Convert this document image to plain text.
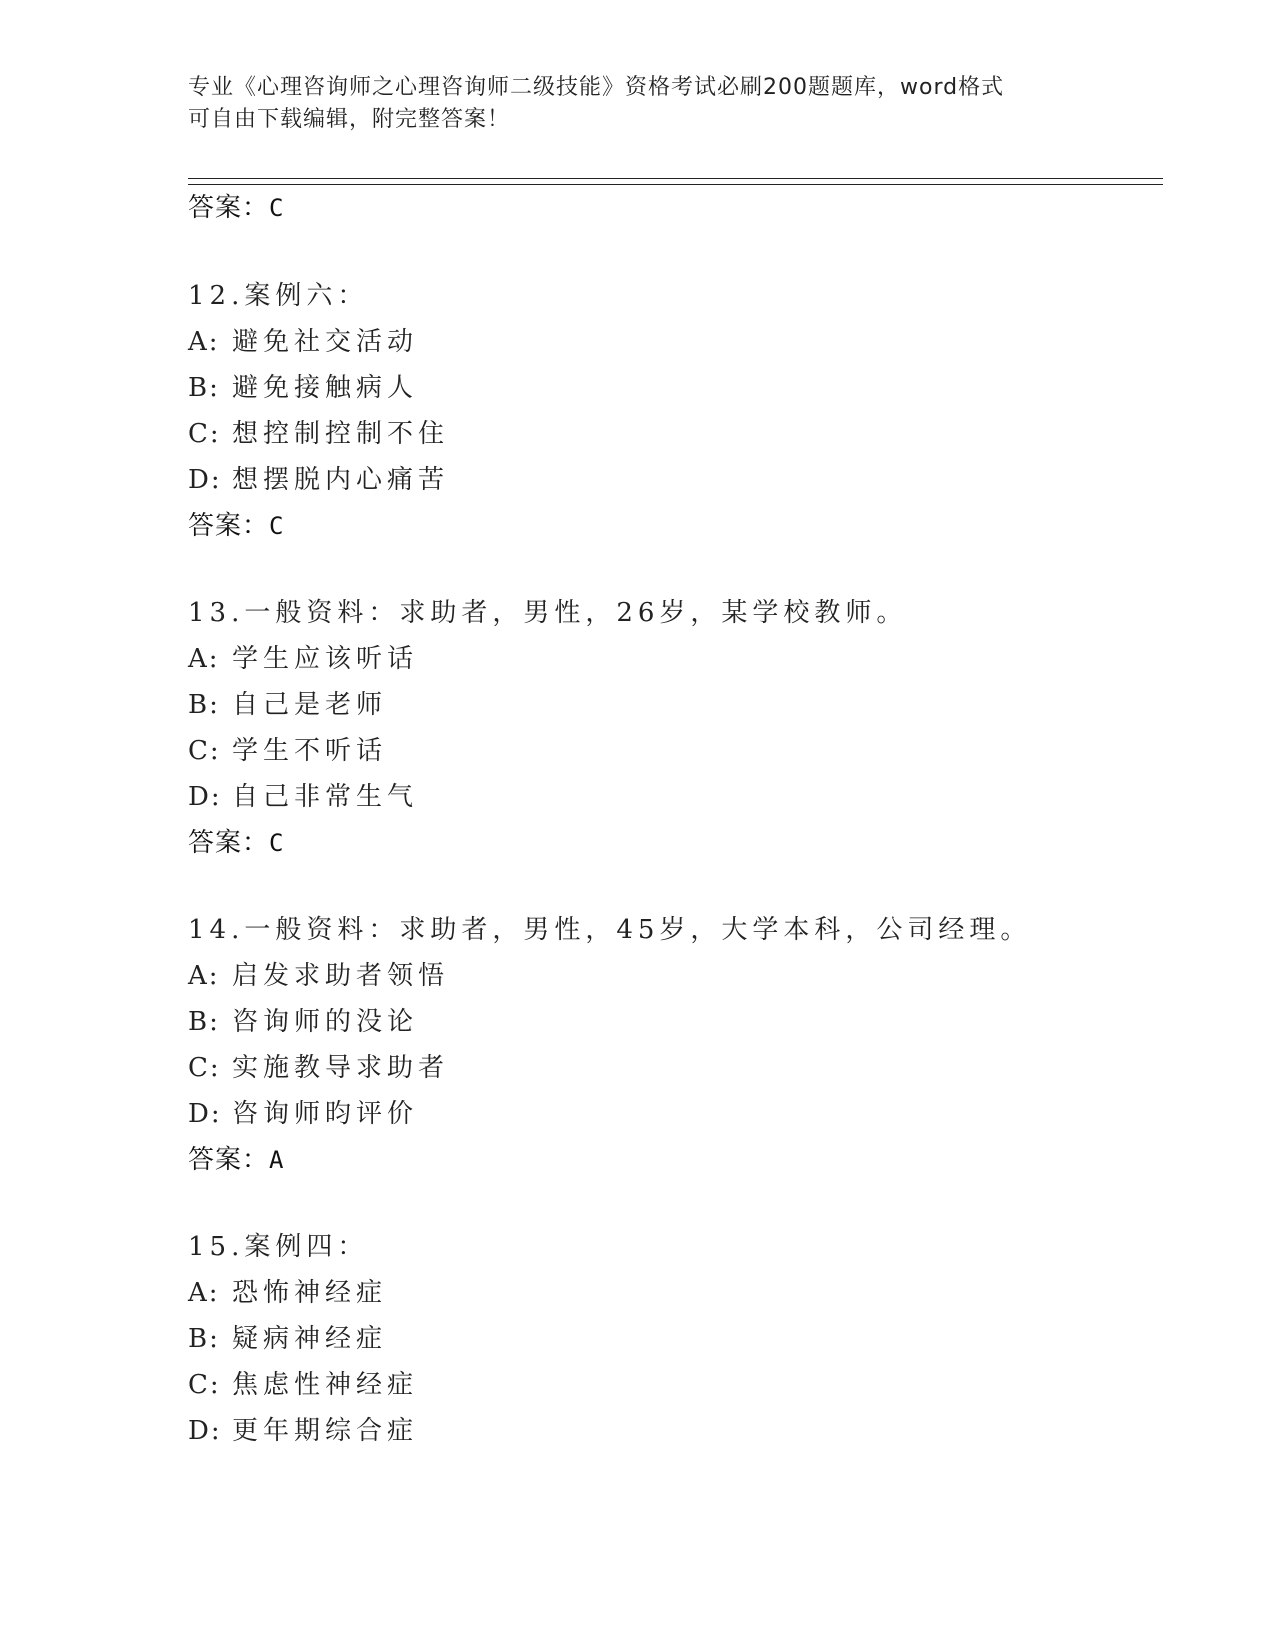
专业《心理咨询师之心理咨询师二级技能》资格考试必刷200题题库，word格式
可自由下载编辑，附完整答案！
答案：C
12.案例六：
A: 避免社交活动
B: 避免接触病人
C: 想控制控制不住
D: 想摆脱内心痛苦
答案：C
13.一般资料：求助者，男性，26岁，某学校教师。
A: 学生应该听话
B: 自己是老师
C: 学生不听话
D: 自己非常生气
答案：C
14.一般资料：求助者，男性，45岁，大学本科，公司经理。
A: 启发求助者领悟
B: 咨询师的没论
C: 实施教导求助者
D: 咨询师昀评价
答案：A
15.案例四：
A: 恐怖神经症
B: 疑病神经症
C: 焦虑性神经症
D: 更年期综合症
